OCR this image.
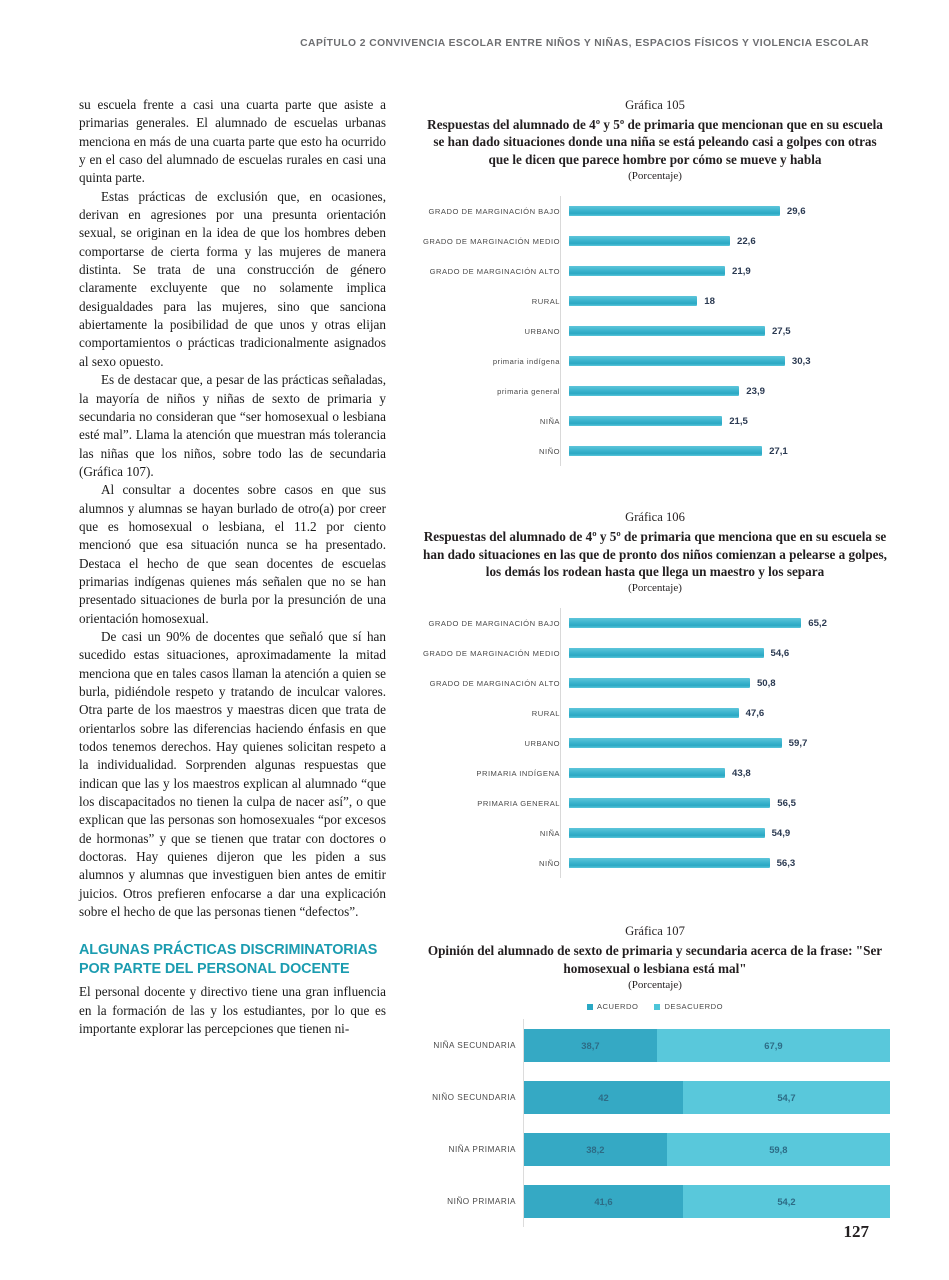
CAPÍTULO 2 CONVIVENCIA ESCOLAR ENTRE NIÑOS Y NIÑAS, ESPACIOS FÍSICOS Y VIOLENCIA ESCOLAR

su escuela frente a casi una cuarta parte que asiste a primarias generales. El alumnado de escuelas urbanas menciona en más de una cuarta parte que esto ha ocurrido y en el caso del alumnado de escuelas rurales en casi una quinta parte.

Estas prácticas de exclusión que, en ocasiones, derivan en agresiones por una presunta orientación sexual, se originan en la idea de que los hombres deben comportarse de cierta forma y las mujeres de manera distinta. Se trata de una construcción de género claramente excluyente que no solamente implica desigualdades para las mujeres, sino que sanciona abiertamente la posibilidad de que unos y otras elijan comportamientos o prácticas tradicionalmente asignados al sexo opuesto.

Es de destacar que, a pesar de las prácticas señaladas, la mayoría de niños y niñas de sexto de primaria y secundaria no consideran que “ser homosexual o lesbiana esté mal”. Llama la atención que muestran más tolerancia las niñas que los niños, sobre todo las de secundaria (Gráfica 107).

Al consultar a docentes sobre casos en que sus alumnos y alumnas se hayan burlado de otro(a) por creer que es homosexual o lesbiana, el 11.2 por ciento mencionó que esa situación nunca se ha presentado. Destaca el hecho de que sean docentes de escuelas primarias indígenas quienes más señalen que no se han presentado situaciones de burla por la presunción de una orientación homosexual.

De casi un 90% de docentes que señaló que sí han sucedido estas situaciones, aproximadamente la mitad menciona que en tales casos llaman la atención a quien se burla, pidiéndole respeto y tratando de inculcar valores. Otra parte de los maestros y maestras dicen que trata de orientarlos sobre las diferencias haciendo énfasis en que todos tenemos derechos. Hay quienes solicitan respeto a la individualidad. Sorprenden algunas respuestas que indican que las y los maestros explican al alumnado “que los discapacitados no tienen la culpa de nacer así”, o que explican que las personas son homosexuales “por excesos de hormonas” y que se tienen que tratar con doctores o doctoras. Hay quienes dijeron que les piden a sus alumnos y alumnas que investiguen bien antes de emitir juicios. Otros prefieren enfocarse a dar una explicación sobre el hecho de que las personas tienen “defectos”.

ALGUNAS PRÁCTICAS DISCRIMINATORIAS POR PARTE DEL PERSONAL DOCENTE

El personal docente y directivo tiene una gran influencia en la formación de las y los estudiantes, por lo que es importante explorar las percepciones que tienen ni-

Gráfica 105
Respuestas del alumnado de 4º y 5º de primaria que mencionan que en su escuela se han dado situaciones donde una niña se está peleando casi a golpes con otras que le dicen que parece hombre por cómo se mueve y habla
(Porcentaje)
GRADO DE MARGINACIÓN BAJO	29,6
GRADO DE MARGINACIÓN MEDIO	22,6
GRADO DE MARGINACIÓN ALTO	21,9
RURAL	18
URBANO	27,5
primaria indígena	30,3
primaria general	23,9
NIÑA	21,5
NIÑO	27,1
Gráfica 106
Respuestas del alumnado de 4º y 5º de primaria que menciona que en su escuela se han dado situaciones en las que de pronto dos niños comienzan a pelearse a golpes, los demás los rodean hasta que llega un maestro y los separa
(Porcentaje)
GRADO DE MARGINACIÓN BAJO	65,2
GRADO DE MARGINACIÓN MEDIO	54,6
GRADO DE MARGINACIÓN ALTO	50,8
RURAL	47,6
URBANO	59,7
PRIMARIA INDÍGENA	43,8
PRIMARIA GENERAL	56,5
NIÑA	54,9
NIÑO	56,3
Gráfica 107
Opinión del alumnado de sexto de primaria y secundaria acerca de la frase: "Ser homosexual o lesbiana está mal"
(Porcentaje)
ACUERDO	DESACUERDO
NIÑA SECUNDARIA	38,7	67,9
NIÑO SECUNDARIA	42	54,7
NIÑA PRIMARIA	38,2	59,8
NIÑO PRIMARIA	41,6	54,2
127
